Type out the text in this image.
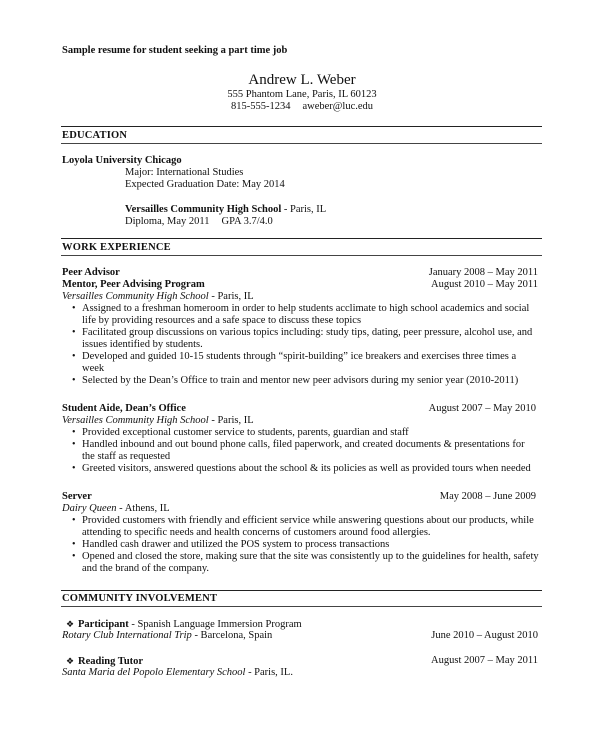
Sample resume for student seeking a part time job
Andrew L. Weber
555 Phantom Lane, Paris, IL 60123
815-555-1234 aweber@luc.edu
EDUCATION
Loyola University Chicago
Major: International Studies
Expected Graduation Date: May 2014
Versailles Community High School - Paris, IL
Diploma, May 2011 GPA 3.7/4.0
WORK EXPERIENCE
Peer Advisor	January 2008 – May 2011
Mentor, Peer Advising Program	August 2010 – May 2011
Versailles Community High School - Paris, IL
• Assigned to a freshman homeroom in order to help students acclimate to high school academics and social life by providing resources and a safe space to discuss these topics
• Facilitated group discussions on various topics including: study tips, dating, peer pressure, alcohol use, and issues identified by students.
• Developed and guided 10-15 students through “spirit-building” ice breakers and exercises three times a week
• Selected by the Dean’s Office to train and mentor new peer advisors during my senior year (2010-2011)
Student Aide, Dean’s Office	August 2007 – May 2010
Versailles Community High School - Paris, IL
• Provided exceptional customer service to students, parents, guardian and staff
• Handled inbound and out bound phone calls, filed paperwork, and created documents & presentations for the staff as requested
• Greeted visitors, answered questions about the school & its policies as well as provided tours when needed
Server	May 2008 – June 2009
Dairy Queen - Athens, IL
• Provided customers with friendly and efficient service while answering questions about our products, while attending to specific needs and health concerns of customers around food allergies.
• Handled cash drawer and utilized the POS system to process transactions
• Opened and closed the store, making sure that the site was consistently up to the guidelines for health, safety and the brand of the company.
COMMUNITY INVOLVEMENT
❖ Participant - Spanish Language Immersion Program
Rotary Club International Trip - Barcelona, Spain	June 2010 – August 2010
❖ Reading Tutor	August 2007 – May 2011
Santa Maria del Popolo Elementary School - Paris, IL.
